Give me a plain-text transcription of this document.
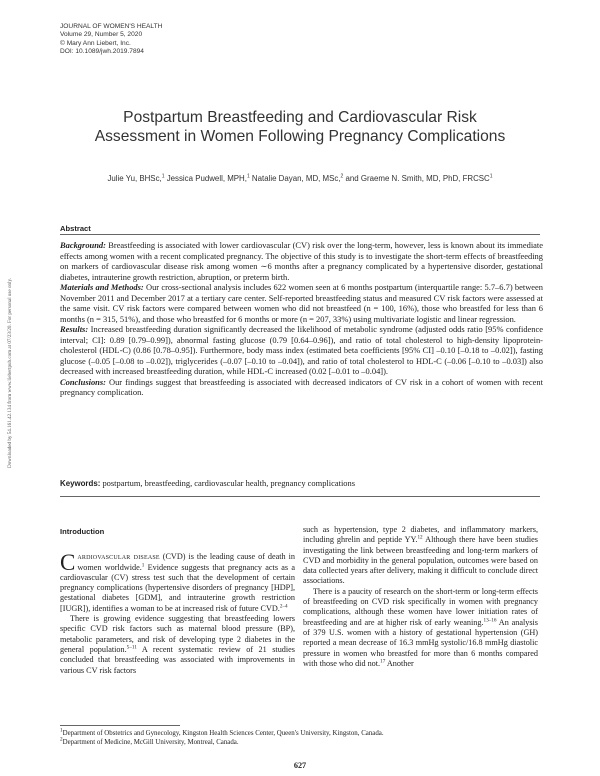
JOURNAL OF WOMEN'S HEALTH
Volume 29, Number 5, 2020
© Mary Ann Liebert, Inc.
DOI: 10.1089/jwh.2019.7894
Postpartum Breastfeeding and Cardiovascular Risk
Assessment in Women Following Pregnancy Complications
Julie Yu, BHSc,$^1$ Jessica Pudwell, MPH,$^1$ Natalie Dayan, MD, MSc,$^2$ and Graeme N. Smith, MD, PhD, FRCSC$^1$
Abstract

Background: Breastfeeding is associated with lower cardiovascular (CV) risk over the long-term, however, less is known about its immediate effects among women with a recent complicated pregnancy. The objective of this study is to investigate the short-term effects of breastfeeding on markers of cardiovascular disease risk among women ∼6 months after a pregnancy complicated by a hypertensive disorder, gestational diabetes, intrauterine growth restriction, abruption, or preterm birth.

Materials and Methods: Our cross-sectional analysis includes 622 women seen at 6 months postpartum (interquartile range: 5.7–6.7) between November 2011 and December 2017 at a tertiary care center. Self-reported breastfeeding status and measured CV risk factors were assessed at the same visit. CV risk factors were compared between women who did not breastfeed (n = 100, 16%), those who breastfed for less than 6 months (n = 315, 51%), and those who breastfed for 6 months or more (n = 207, 33%) using multivariate logistic and linear regression.

Results: Increased breastfeeding duration significantly decreased the likelihood of metabolic syndrome (adjusted odds ratio [95% confidence interval; CI]: 0.89 [0.79–0.99]), abnormal fasting glucose (0.79 [0.64–0.96]), and ratio of total cholesterol to high-density lipoprotein-cholesterol (HDL-C) (0.86 [0.78–0.95]). Furthermore, body mass index (estimated beta coefficients [95% CI] –0.10 [–0.18 to –0.02]), fasting glucose (–0.05 [–0.08 to –0.02]), triglycerides (–0.07 [–0.10 to –0.04]), and ratio of total cholesterol to HDL-C (–0.06 [–0.10 to –0.03]) also decreased with increased breastfeeding duration, while HDL-C increased (0.02 [–0.01 to –0.04]).

Conclusions: Our findings suggest that breastfeeding is associated with decreased indicators of CV risk in a cohort of women with recent pregnancy complication.

Keywords: postpartum, breastfeeding, cardiovascular health, pregnancy complications
Downloaded by 54.161.42.134 from www.liebertpub.com at 07/23/20. For personal use only.
Introduction

Cardiovascular disease (CVD) is the leading cause of death in women worldwide.$^1$ Evidence suggests that pregnancy acts as a cardiovascular (CV) stress test such that the development of certain pregnancy complications (hypertensive disorders of pregnancy [HDP], gestational diabetes [GDM], and intrauterine growth restriction [IUGR]), identifies a woman to be at increased risk of future CVD.$^{2-4}$

There is growing evidence suggesting that breastfeeding lowers specific CVD risk factors such as maternal blood pressure (BP), metabolic parameters, and risk of developing type 2 diabetes in the general population.$^{5-11}$ A recent systematic review of 21 studies concluded that breastfeeding was associated with improvements in various CV risk factors

such as hypertension, type 2 diabetes, and inflammatory markers, including ghrelin and peptide YY.$^{12}$ Although there have been studies investigating the link between breastfeeding and long-term markers of CVD and morbidity in the general population, outcomes were based on data collected years after delivery, making it difficult to conclude direct associations.

There is a paucity of research on the short-term or long-term effects of breastfeeding on CVD risk specifically in women with pregnancy complications, although these women have lower initiation rates of breastfeeding and are at higher risk of early weaning.$^{13-16}$ An analysis of 379 U.S. women with a history of gestational hypertension (GH) reported a mean decrease of 16.3 mmHg systolic/16.8 mmHg diastolic pressure in women who breastfed for more than 6 months compared with those who did not.$^{17}$ Another

$^1$Department of Obstetrics and Gynecology, Kingston Health Sciences Center, Queen's University, Kingston, Canada.
$^2$Department of Medicine, McGill University, Montreal, Canada.
627
